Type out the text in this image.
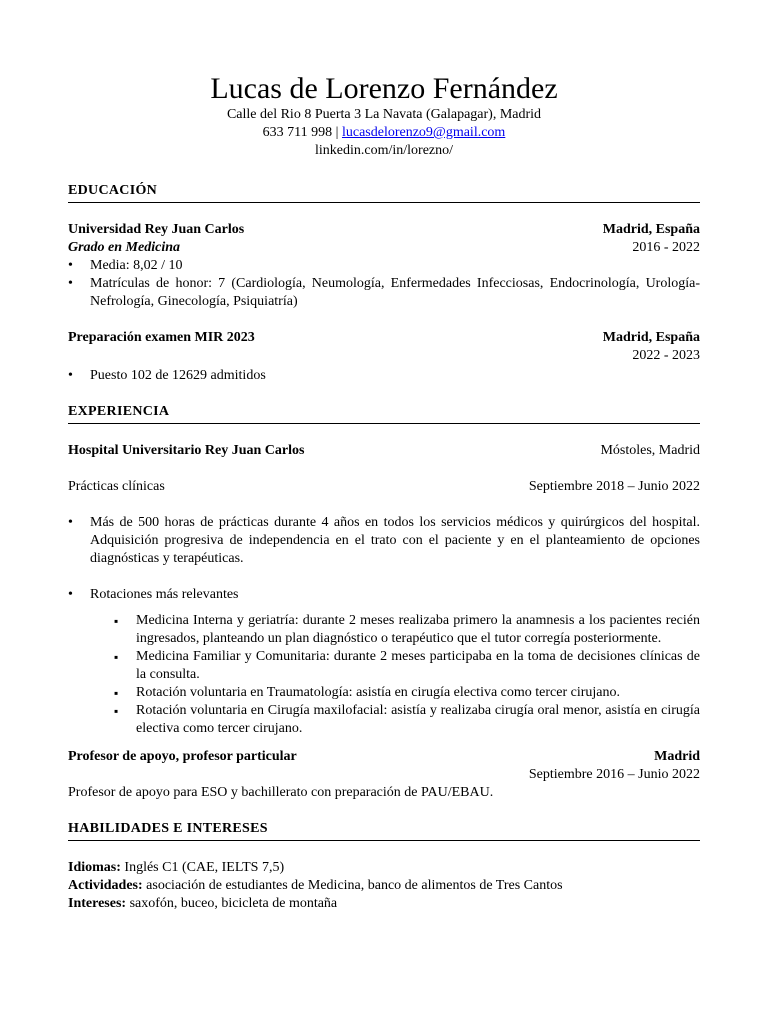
Lucas de Lorenzo Fernández
Calle del Rio 8 Puerta 3 La Navata (Galapagar), Madrid
633 711 998 | lucasdelorenzo9@gmail.com
linkedin.com/in/lorezno/
EDUCACIÓN
Universidad Rey Juan Carlos	Madrid, España
Grado en Medicina	2016 - 2022
• Media: 8,02 / 10
• Matrículas de honor: 7 (Cardiología, Neumología, Enfermedades Infecciosas, Endocrinología, Urología-Nefrología, Ginecología, Psiquiatría)
Preparación examen MIR 2023	Madrid, España
2022 - 2023
• Puesto 102 de 12629 admitidos
EXPERIENCIA
Hospital Universitario Rey Juan Carlos	Móstoles, Madrid
Prácticas clínicas	Septiembre 2018 – Junio 2022
• Más de 500 horas de prácticas durante 4 años en todos los servicios médicos y quirúrgicos del hospital. Adquisición progresiva de independencia en el trato con el paciente y en el planteamiento de opciones diagnósticas y terapéuticas.
• Rotaciones más relevantes
▪ Medicina Interna y geriatría: durante 2 meses realizaba primero la anamnesis a los pacientes recién ingresados, planteando un plan diagnóstico o terapéutico que el tutor corregía posteriormente.
▪ Medicina Familiar y Comunitaria: durante 2 meses participaba en la toma de decisiones clínicas de la consulta.
▪ Rotación voluntaria en Traumatología: asistía en cirugía electiva como tercer cirujano.
▪ Rotación voluntaria en Cirugía maxilofacial: asistía y realizaba cirugía oral menor, asistía en cirugía electiva como tercer cirujano.
Profesor de apoyo, profesor particular	Madrid
Septiembre 2016 – Junio 2022
Profesor de apoyo para ESO y bachillerato con preparación de PAU/EBAU.
HABILIDADES E INTERESES
Idiomas: Inglés C1 (CAE, IELTS 7,5)
Actividades: asociación de estudiantes de Medicina, banco de alimentos de Tres Cantos
Intereses: saxofón, buceo, bicicleta de montaña
